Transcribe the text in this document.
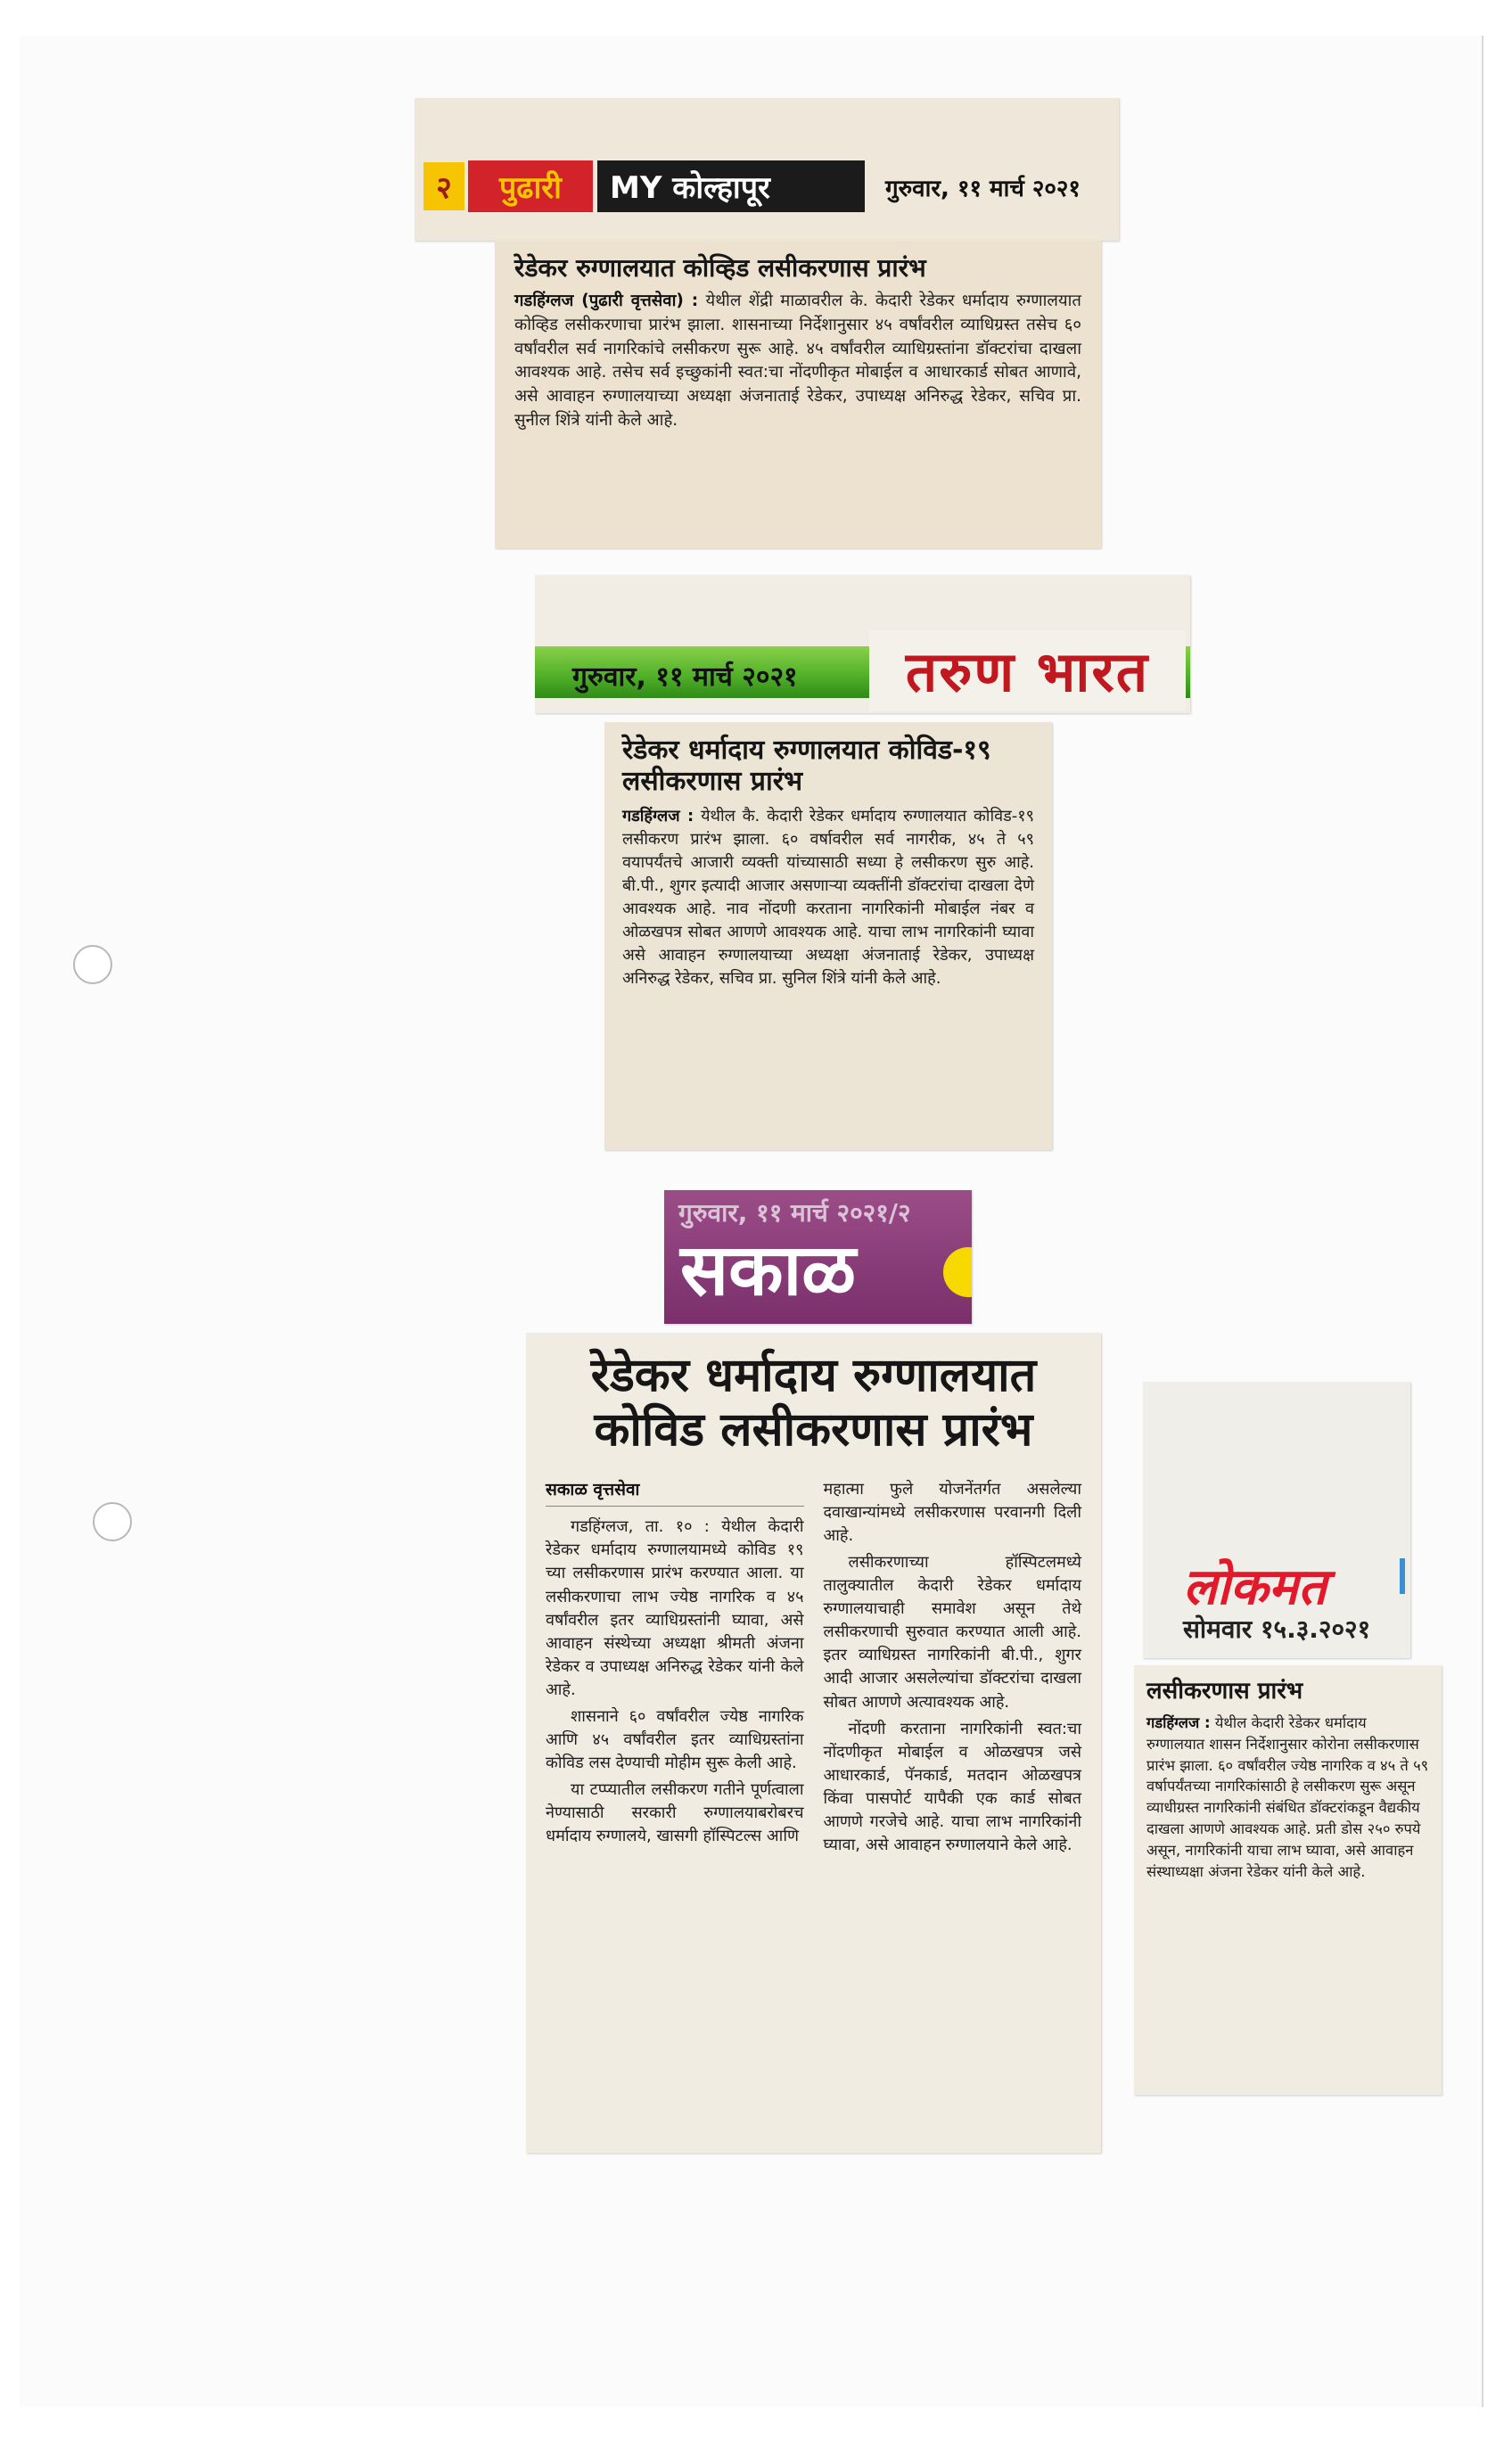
२	पुढारी	MY कोल्हापूर	गुरुवार, ११ मार्च २०२१
रेडेकर रुग्णालयात कोव्हिड लसीकरणास प्रारंभ
गडहिंग्लज (पुढारी वृत्तसेवा) : येथील शेंद्री माळावरील के. केदारी रेडेकर धर्मादाय रुग्णालयात कोव्हिड लसीकरणाचा प्रारंभ झाला. शासनाच्या निर्देशानुसार ४५ वर्षांवरील व्याधिग्रस्त तसेच ६० वर्षांवरील सर्व नागरिकांचे लसीकरण सुरू आहे. ४५ वर्षांवरील व्याधिग्रस्तांना डॉक्टरांचा दाखला आवश्यक आहे. तसेच सर्व इच्छुकांनी स्वत:चा नोंदणीकृत मोबाईल व आधारकार्ड सोबत आणावे, असे आवाहन रुग्णालयाच्या अध्यक्षा अंजनाताई रेडेकर, उपाध्यक्ष अनिरुद्ध रेडेकर, सचिव प्रा. सुनील शिंत्रे यांनी केले आहे.
गुरुवार, ११ मार्च २०२१	तरुण भारत
रेडेकर धर्मादाय रुग्णालयात कोविड-१९ लसीकरणास प्रारंभ
गडहिंग्लज : येथील कै. केदारी रेडेकर धर्मादाय रुग्णालयात कोविड-१९ लसीकरण प्रारंभ झाला. ६० वर्षावरील सर्व नागरीक, ४५ ते ५९ वयापर्यंतचे आजारी व्यक्ती यांच्यासाठी सध्या हे लसीकरण सुरु आहे. बी.पी., शुगर इत्यादी आजार असणाऱ्या व्यक्तींनी डॉक्टरांचा दाखला देणे आवश्यक आहे. नाव नोंदणी करताना नागरिकांनी मोबाईल नंबर व ओळखपत्र सोबत आणणे आवश्यक आहे. याचा लाभ नागरिकांनी घ्यावा असे आवाहन रुग्णालयाच्या अध्यक्षा अंजनाताई रेडेकर, उपाध्यक्ष अनिरुद्ध रेडेकर, सचिव प्रा. सुनिल शिंत्रे यांनी केले आहे.
गुरुवार, ११ मार्च २०२१/२
सकाळ
रेडेकर धर्मादाय रुग्णालयात
कोविड लसीकरणास प्रारंभ
सकाळ वृत्तसेवा

गडहिंग्लज, ता. १० : येथील केदारी रेडेकर धर्मादाय रुग्णालयामध्ये कोविड १९ च्या लसीकरणास प्रारंभ करण्यात आला. या लसीकरणाचा लाभ ज्येष्ठ नागरिक व ४५ वर्षांवरील इतर व्याधिग्रस्तांनी घ्यावा, असे आवाहन संस्थेच्या अध्यक्षा श्रीमती अंजना रेडेकर व उपाध्यक्ष अनिरुद्ध रेडेकर यांनी केले आहे.

शासनाने ६० वर्षांवरील ज्येष्ठ नागरिक आणि ४५ वर्षांवरील इतर व्याधिग्रस्तांना कोविड लस देण्याची मोहीम सुरू केली आहे.

या टप्प्यातील लसीकरण गतीने पूर्णत्वाला नेण्यासाठी सरकारी रुग्णालयाबरोबरच धर्मादाय रुग्णालये, खासगी हॉस्पिटल्स आणि

महात्मा फुले योजनेंतर्गत असलेल्या दवाखान्यांमध्ये लसीकरणास परवानगी दिली आहे.

लसीकरणाच्या हॉस्पिटलमध्ये तालुक्यातील केदारी रेडेकर धर्मादाय रुग्णालयाचाही समावेश असून तेथे लसीकरणाची सुरुवात करण्यात आली आहे. इतर व्याधिग्रस्त नागरिकांनी बी.पी., शुगर आदी आजार असलेल्यांचा डॉक्टरांचा दाखला सोबत आणणे अत्यावश्यक आहे.

नोंदणी करताना नागरिकांनी स्वत:चा नोंदणीकृत मोबाईल व ओळखपत्र जसे आधारकार्ड, पॅनकार्ड, मतदान ओळखपत्र किंवा पासपोर्ट यापैकी एक कार्ड सोबत आणणे गरजेचे आहे. याचा लाभ नागरिकांनी घ्यावा, असे आवाहन रुग्णालयाने केले आहे.

लोकमत
सोमवार १५.३.२०२१
लसीकरणास प्रारंभ
गडहिंग्लज : येथील केदारी रेडेकर धर्मादाय रुग्णालयात शासन निर्देशानुसार कोरोना लसीकरणास प्रारंभ झाला. ६० वर्षांवरील ज्येष्ठ नागरिक व ४५ ते ५९ वर्षापर्यंतच्या नागरिकांसाठी हे लसीकरण सुरू असून व्याधीग्रस्त नागरिकांनी संबंधित डॉक्टरांकडून वैद्यकीय दाखला आणणे आवश्यक आहे. प्रती डोस २५० रुपये असून, नागरिकांनी याचा लाभ घ्यावा, असे आवाहन संस्थाध्यक्षा अंजना रेडेकर यांनी केले आहे.
